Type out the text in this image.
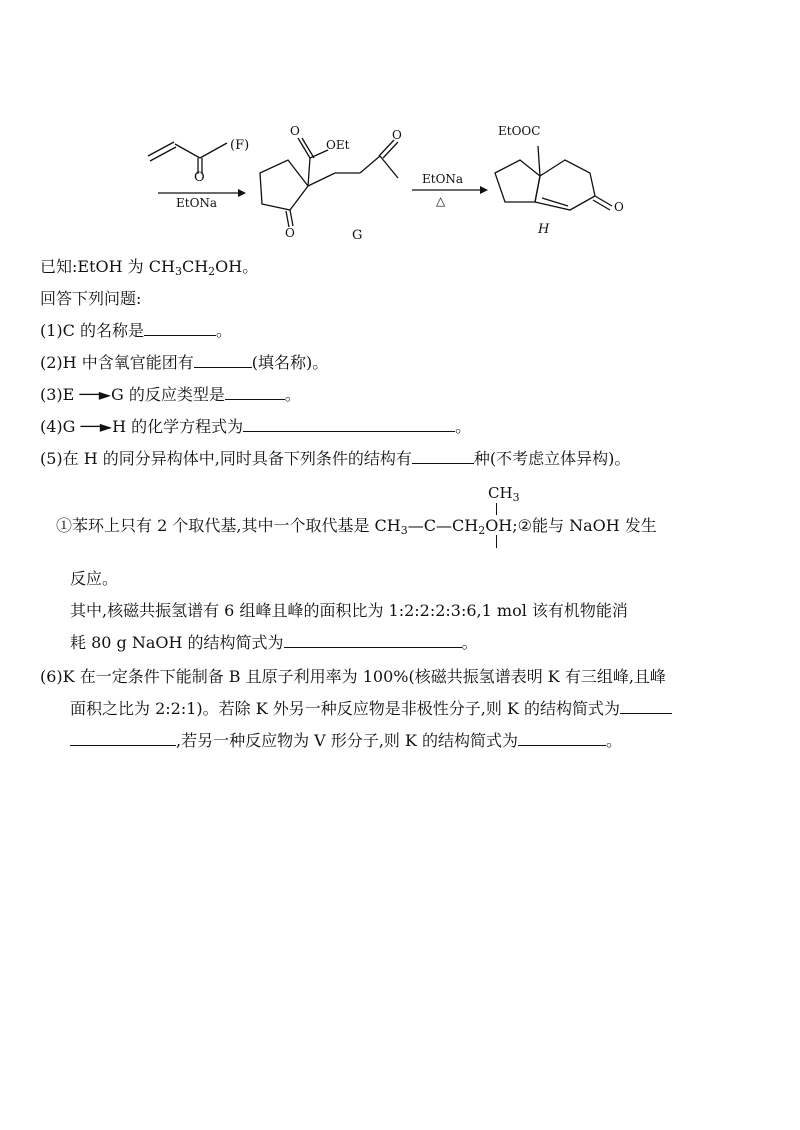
(F)
O
EtONa
O
OEt
O
O	G
EtONa
△
EtOOC
O
H
已知:EtOH 为 $CH_3CH_2OH$。
回答下列问题:
(1)C 的名称是	。
(2)H 中含氧官能团有	(填名称)。
(3)E ──►G 的反应类型是	。
(4)G ──►H 的化学方程式为	。
(5)在 H 的同分异构体中,同时具备下列条件的结构有	种(不考虑立体异构)。
$CH_3$
①苯环上只有 2 个取代基,其中一个取代基是 $CH_3—C—CH_2OH;②$能与 NaOH 发生
反应。
其中,核磁共振氢谱有 6 组峰且峰的面积比为 1:2:2:2:3:6,1 mol 该有机物能消
耗 80 g NaOH 的结构简式为	。
(6)K 在一定条件下能制备 B 且原子利用率为 100%(核磁共振氢谱表明 K 有三组峰,且峰
面积之比为 2:2:1)。若除 K 外另一种反应物是非极性分子,则 K 的结构简式为
,若另一种反应物为 V 形分子,则 K 的结构简式为	。
